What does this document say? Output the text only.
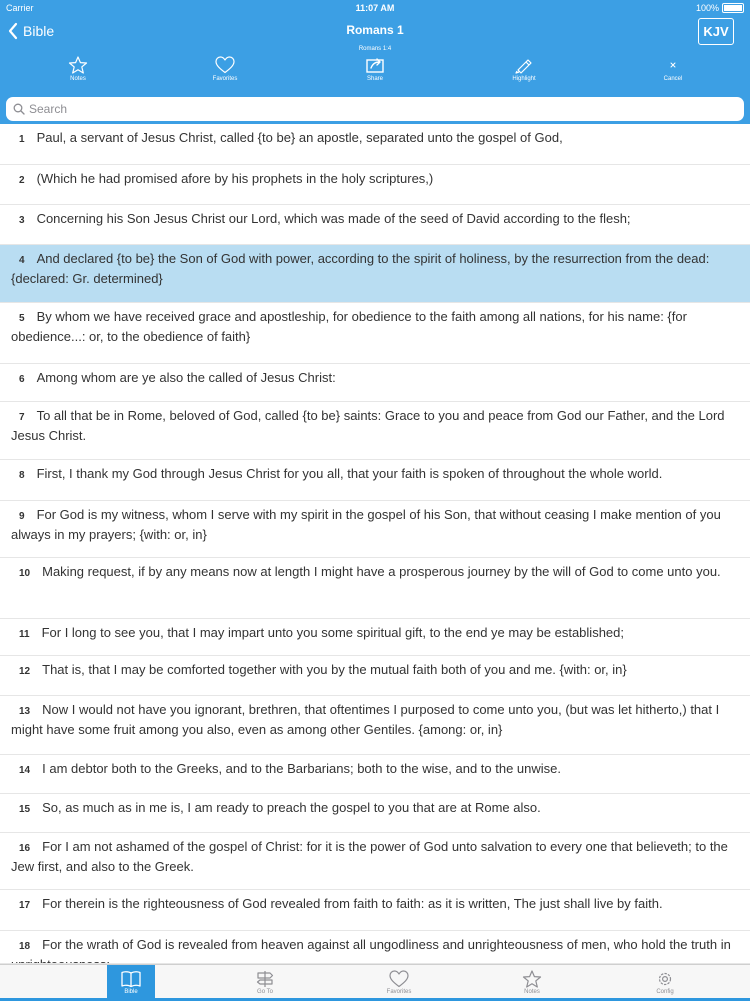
Carrier	11:07 AM	100%
Bible	Romans 1
Romans 1:4
KJV
Notes	Favorites	Share	Highlight	Cancel
Search
1 Paul, a servant of Jesus Christ, called {to be} an apostle, separated unto the gospel of God,
2 (Which he had promised afore by his prophets in the holy scriptures,)
3 Concerning his Son Jesus Christ our Lord, which was made of the seed of David according to the flesh;
4 And declared {to be} the Son of God with power, according to the spirit of holiness, by the resurrection from the dead: {declared: Gr. determined}
5 By whom we have received grace and apostleship, for obedience to the faith among all nations, for his name: {for obedience...: or, to the obedience of faith}
6 Among whom are ye also the called of Jesus Christ:
7 To all that be in Rome, beloved of God, called {to be} saints: Grace to you and peace from God our Father, and the Lord Jesus Christ.
8 First, I thank my God through Jesus Christ for you all, that your faith is spoken of throughout the whole world.
9 For God is my witness, whom I serve with my spirit in the gospel of his Son, that without ceasing I make mention of you always in my prayers; {with: or, in}
10 Making request, if by any means now at length I might have a prosperous journey by the will of God to come unto you.
11 For I long to see you, that I may impart unto you some spiritual gift, to the end ye may be established;
12 That is, that I may be comforted together with you by the mutual faith both of you and me. {with: or, in}
13 Now I would not have you ignorant, brethren, that oftentimes I purposed to come unto you, (but was let hitherto,) that I might have some fruit among you also, even as among other Gentiles. {among: or, in}
14 I am debtor both to the Greeks, and to the Barbarians; both to the wise, and to the unwise.
15 So, as much as in me is, I am ready to preach the gospel to you that are at Rome also.
16 For I am not ashamed of the gospel of Christ: for it is the power of God unto salvation to every one that believeth; to the Jew first, and also to the Greek.
17 For therein is the righteousness of God revealed from faith to faith: as it is written, The just shall live by faith.
18 For the wrath of God is revealed from heaven against all ungodliness and unrighteousness of men, who hold the truth in
Bible	Go To	Favorites	Notes	Config
